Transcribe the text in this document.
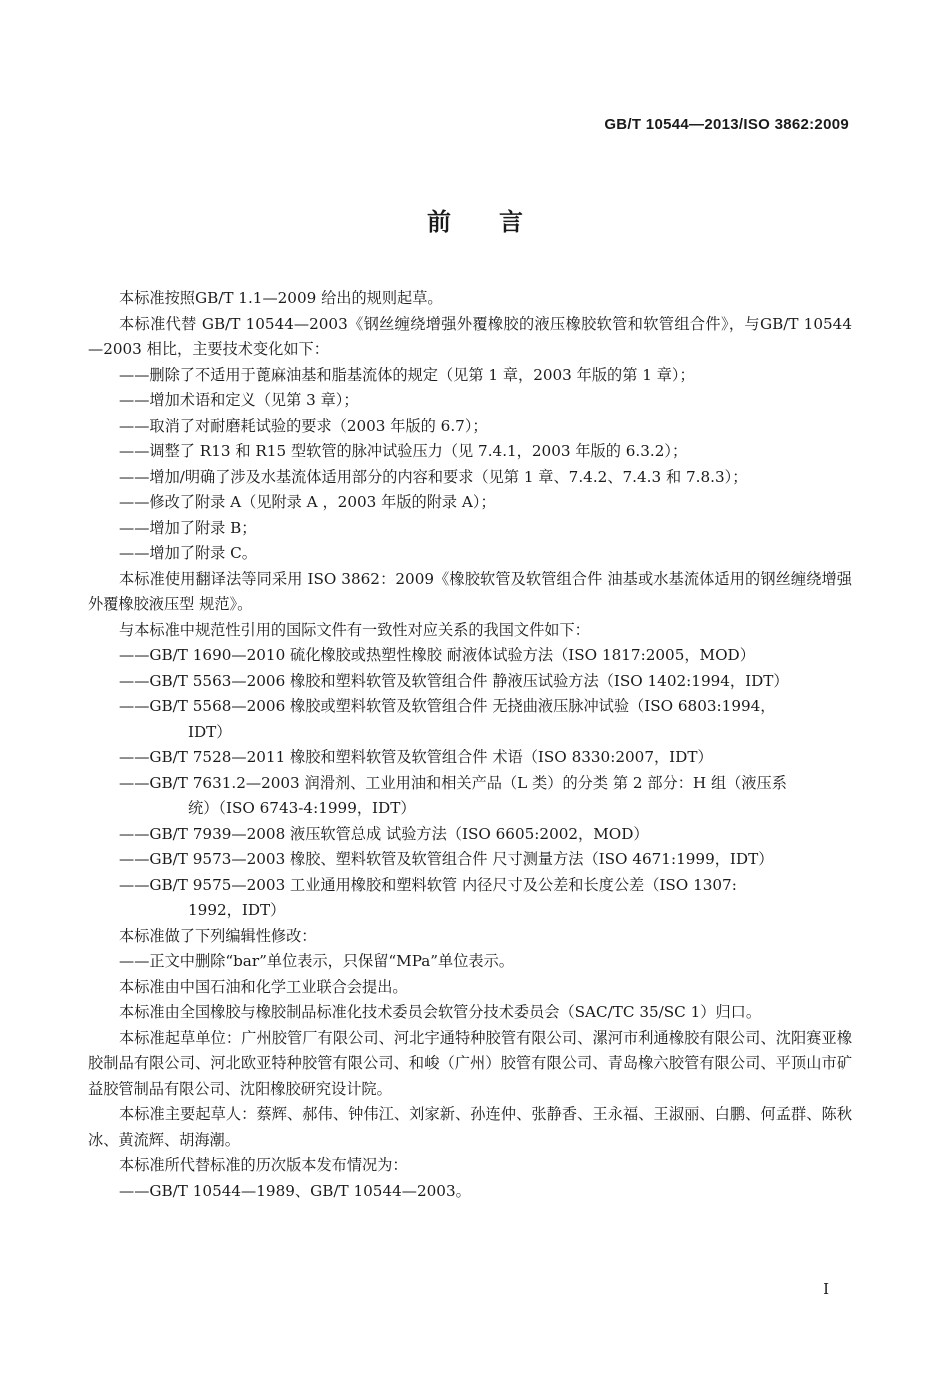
GB/T 10544—2013/ISO 3862:2009
前言

本标准按照GB/T 1.1—2009 给出的规则起草。

本标准代替 GB/T 10544—2003《钢丝缠绕增强外覆橡胶的液压橡胶软管和软管组合件》，与GB/T 10544—2003 相比，主要技术变化如下：

——删除了不适用于蓖麻油基和脂基流体的规定（见第 1 章，2003 年版的第 1 章）；

——增加术语和定义（见第 3 章）；

——取消了对耐磨耗试验的要求（2003 年版的 6.7）；

——调整了 R13 和 R15 型软管的脉冲试验压力（见 7.4.1，2003 年版的 6.3.2）；

——增加/明确了涉及水基流体适用部分的内容和要求（见第 1 章、7.4.2、7.4.3 和 7.8.3）；

——修改了附录 A（见附录 A ，2003 年版的附录 A）；

——增加了附录 B；

——增加了附录 C。

本标准使用翻译法等同采用 ISO 3862：2009《橡胶软管及软管组合件 油基或水基流体适用的钢丝缠绕增强外覆橡胶液压型 规范》。

与本标准中规范性引用的国际文件有一致性对应关系的我国文件如下：

——GB/T 1690—2010 硫化橡胶或热塑性橡胶 耐液体试验方法（ISO 1817:2005，MOD）

——GB/T 5563—2006 橡胶和塑料软管及软管组合件 静液压试验方法（ISO 1402:1994，IDT）

——GB/T 5568—2006 橡胶或塑料软管及软管组合件 无挠曲液压脉冲试验（ISO 6803:1994，
IDT）

——GB/T 7528—2011 橡胶和塑料软管及软管组合件 术语（ISO 8330:2007，IDT）

——GB/T 7631.2—2003 润滑剂、工业用油和相关产品（L 类）的分类 第 2 部分：H 组（液压系
统）（ISO 6743-4:1999，IDT）

——GB/T 7939—2008 液压软管总成 试验方法（ISO 6605:2002，MOD）

——GB/T 9573—2003 橡胶、塑料软管及软管组合件 尺寸测量方法（ISO 4671:1999，IDT）

——GB/T 9575—2003 工业通用橡胶和塑料软管 内径尺寸及公差和长度公差（ISO 1307:
1992，IDT）

本标准做了下列编辑性修改：

——正文中删除“bar”单位表示，只保留“MPa”单位表示。

本标准由中国石油和化学工业联合会提出。

本标准由全国橡胶与橡胶制品标准化技术委员会软管分技术委员会（SAC/TC 35/SC 1）归口。

本标准起草单位：广州胶管厂有限公司、河北宇通特种胶管有限公司、漯河市利通橡胶有限公司、沈阳赛亚橡胶制品有限公司、河北欧亚特种胶管有限公司、和峻（广州）胶管有限公司、青岛橡六胶管有限公司、平顶山市矿益胶管制品有限公司、沈阳橡胶研究设计院。

本标准主要起草人：蔡辉、郝伟、钟伟江、刘家新、孙连仲、张静香、王永福、王淑丽、白鹏、何孟群、陈秋冰、黄流辉、胡海潮。

本标准所代替标准的历次版本发布情况为：

——GB/T 10544—1989、GB/T 10544—2003。

I
